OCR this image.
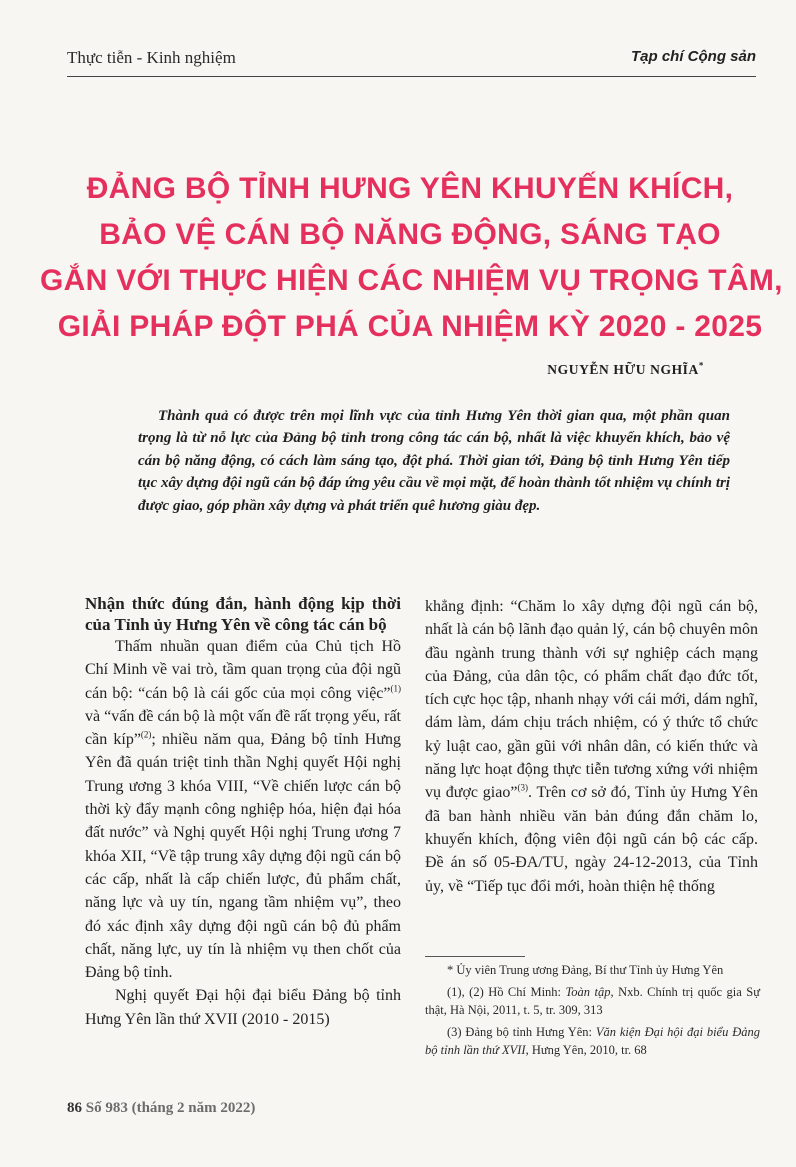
Thực tiễn - Kinh nghiệm	Tạp chí Cộng sản
ĐẢNG BỘ TỈNH HƯNG YÊN KHUYẾN KHÍCH,
BẢO VỆ CÁN BỘ NĂNG ĐỘNG, SÁNG TẠO
GẮN VỚI THỰC HIỆN CÁC NHIỆM VỤ TRỌNG TÂM,
GIẢI PHÁP ĐỘT PHÁ CỦA NHIỆM KỲ 2020 - 2025
NGUYỄN HỮU NGHĨA*

Thành quả có được trên mọi lĩnh vực của tỉnh Hưng Yên thời gian qua, một phần quan trọng là từ nỗ lực của Đảng bộ tỉnh trong công tác cán bộ, nhất là việc khuyến khích, bảo vệ cán bộ năng động, có cách làm sáng tạo, đột phá. Thời gian tới, Đảng bộ tỉnh Hưng Yên tiếp tục xây dựng đội ngũ cán bộ đáp ứng yêu cầu về mọi mặt, để hoàn thành tốt nhiệm vụ chính trị được giao, góp phần xây dựng và phát triển quê hương giàu đẹp.

Nhận thức đúng đắn, hành động kịp thời của Tỉnh ủy Hưng Yên về công tác cán bộ

Thấm nhuần quan điểm của Chủ tịch Hồ Chí Minh về vai trò, tầm quan trọng của đội ngũ cán bộ: “cán bộ là cái gốc của mọi công việc”$^{(1)}$ và “vấn đề cán bộ là một vấn đề rất trọng yếu, rất cần kíp”$^{(2)}$; nhiều năm qua, Đảng bộ tỉnh Hưng Yên đã quán triệt tinh thần Nghị quyết Hội nghị Trung ương 3 khóa VIII, “Về chiến lược cán bộ thời kỳ đẩy mạnh công nghiệp hóa, hiện đại hóa đất nước” và Nghị quyết Hội nghị Trung ương 7 khóa XII, “Về tập trung xây dựng đội ngũ cán bộ các cấp, nhất là cấp chiến lược, đủ phẩm chất, năng lực và uy tín, ngang tầm nhiệm vụ”, theo đó xác định xây dựng đội ngũ cán bộ đủ phẩm chất, năng lực, uy tín là nhiệm vụ then chốt của Đảng bộ tỉnh.

Nghị quyết Đại hội đại biểu Đảng bộ tỉnh Hưng Yên lần thứ XVII (2010 - 2015)

khẳng định: “Chăm lo xây dựng đội ngũ cán bộ, nhất là cán bộ lãnh đạo quản lý, cán bộ chuyên môn đầu ngành trung thành với sự nghiệp cách mạng của Đảng, của dân tộc, có phẩm chất đạo đức tốt, tích cực học tập, nhanh nhạy với cái mới, dám nghĩ, dám làm, dám chịu trách nhiệm, có ý thức tổ chức kỷ luật cao, gần gũi với nhân dân, có kiến thức và năng lực hoạt động thực tiễn tương xứng với nhiệm vụ được giao”$^{(3)}$. Trên cơ sở đó, Tỉnh ủy Hưng Yên đã ban hành nhiều văn bản đúng đắn chăm lo, khuyến khích, động viên đội ngũ cán bộ các cấp. Đề án số 05-ĐA/TU, ngày 24-12-2013, của Tỉnh ủy, về “Tiếp tục đổi mới, hoàn thiện hệ thống

* Ủy viên Trung ương Đảng, Bí thư Tỉnh ủy Hưng Yên

(1), (2) Hồ Chí Minh: Toàn tập, Nxb. Chính trị quốc gia Sự thật, Hà Nội, 2011, t. 5, tr. 309, 313

(3) Đảng bộ tỉnh Hưng Yên: Văn kiện Đại hội đại biểu Đảng bộ tỉnh lần thứ XVII, Hưng Yên, 2010, tr. 68

86 Số 983 (tháng 2 năm 2022)
